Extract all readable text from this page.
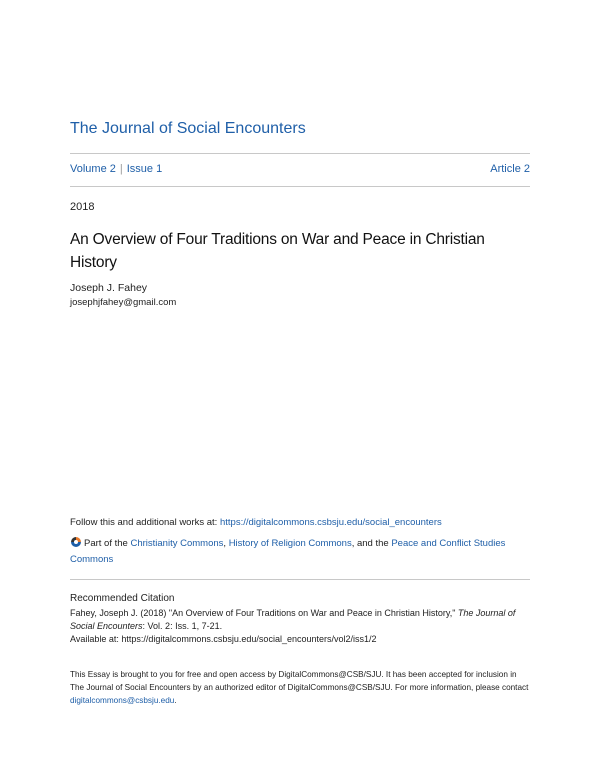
The Journal of Social Encounters
Volume 2 | Issue 1	Article 2
2018
An Overview of Four Traditions on War and Peace in Christian History
Joseph J. Fahey
josephjfahey@gmail.com
Follow this and additional works at: https://digitalcommons.csbsju.edu/social_encounters
Part of the Christianity Commons, History of Religion Commons, and the Peace and Conflict Studies Commons
Recommended Citation
Fahey, Joseph J. (2018) "An Overview of Four Traditions on War and Peace in Christian History," The Journal of Social Encounters: Vol. 2: Iss. 1, 7-21.
Available at: https://digitalcommons.csbsju.edu/social_encounters/vol2/iss1/2
This Essay is brought to you for free and open access by DigitalCommons@CSB/SJU. It has been accepted for inclusion in The Journal of Social Encounters by an authorized editor of DigitalCommons@CSB/SJU. For more information, please contact digitalcommons@csbsju.edu.
